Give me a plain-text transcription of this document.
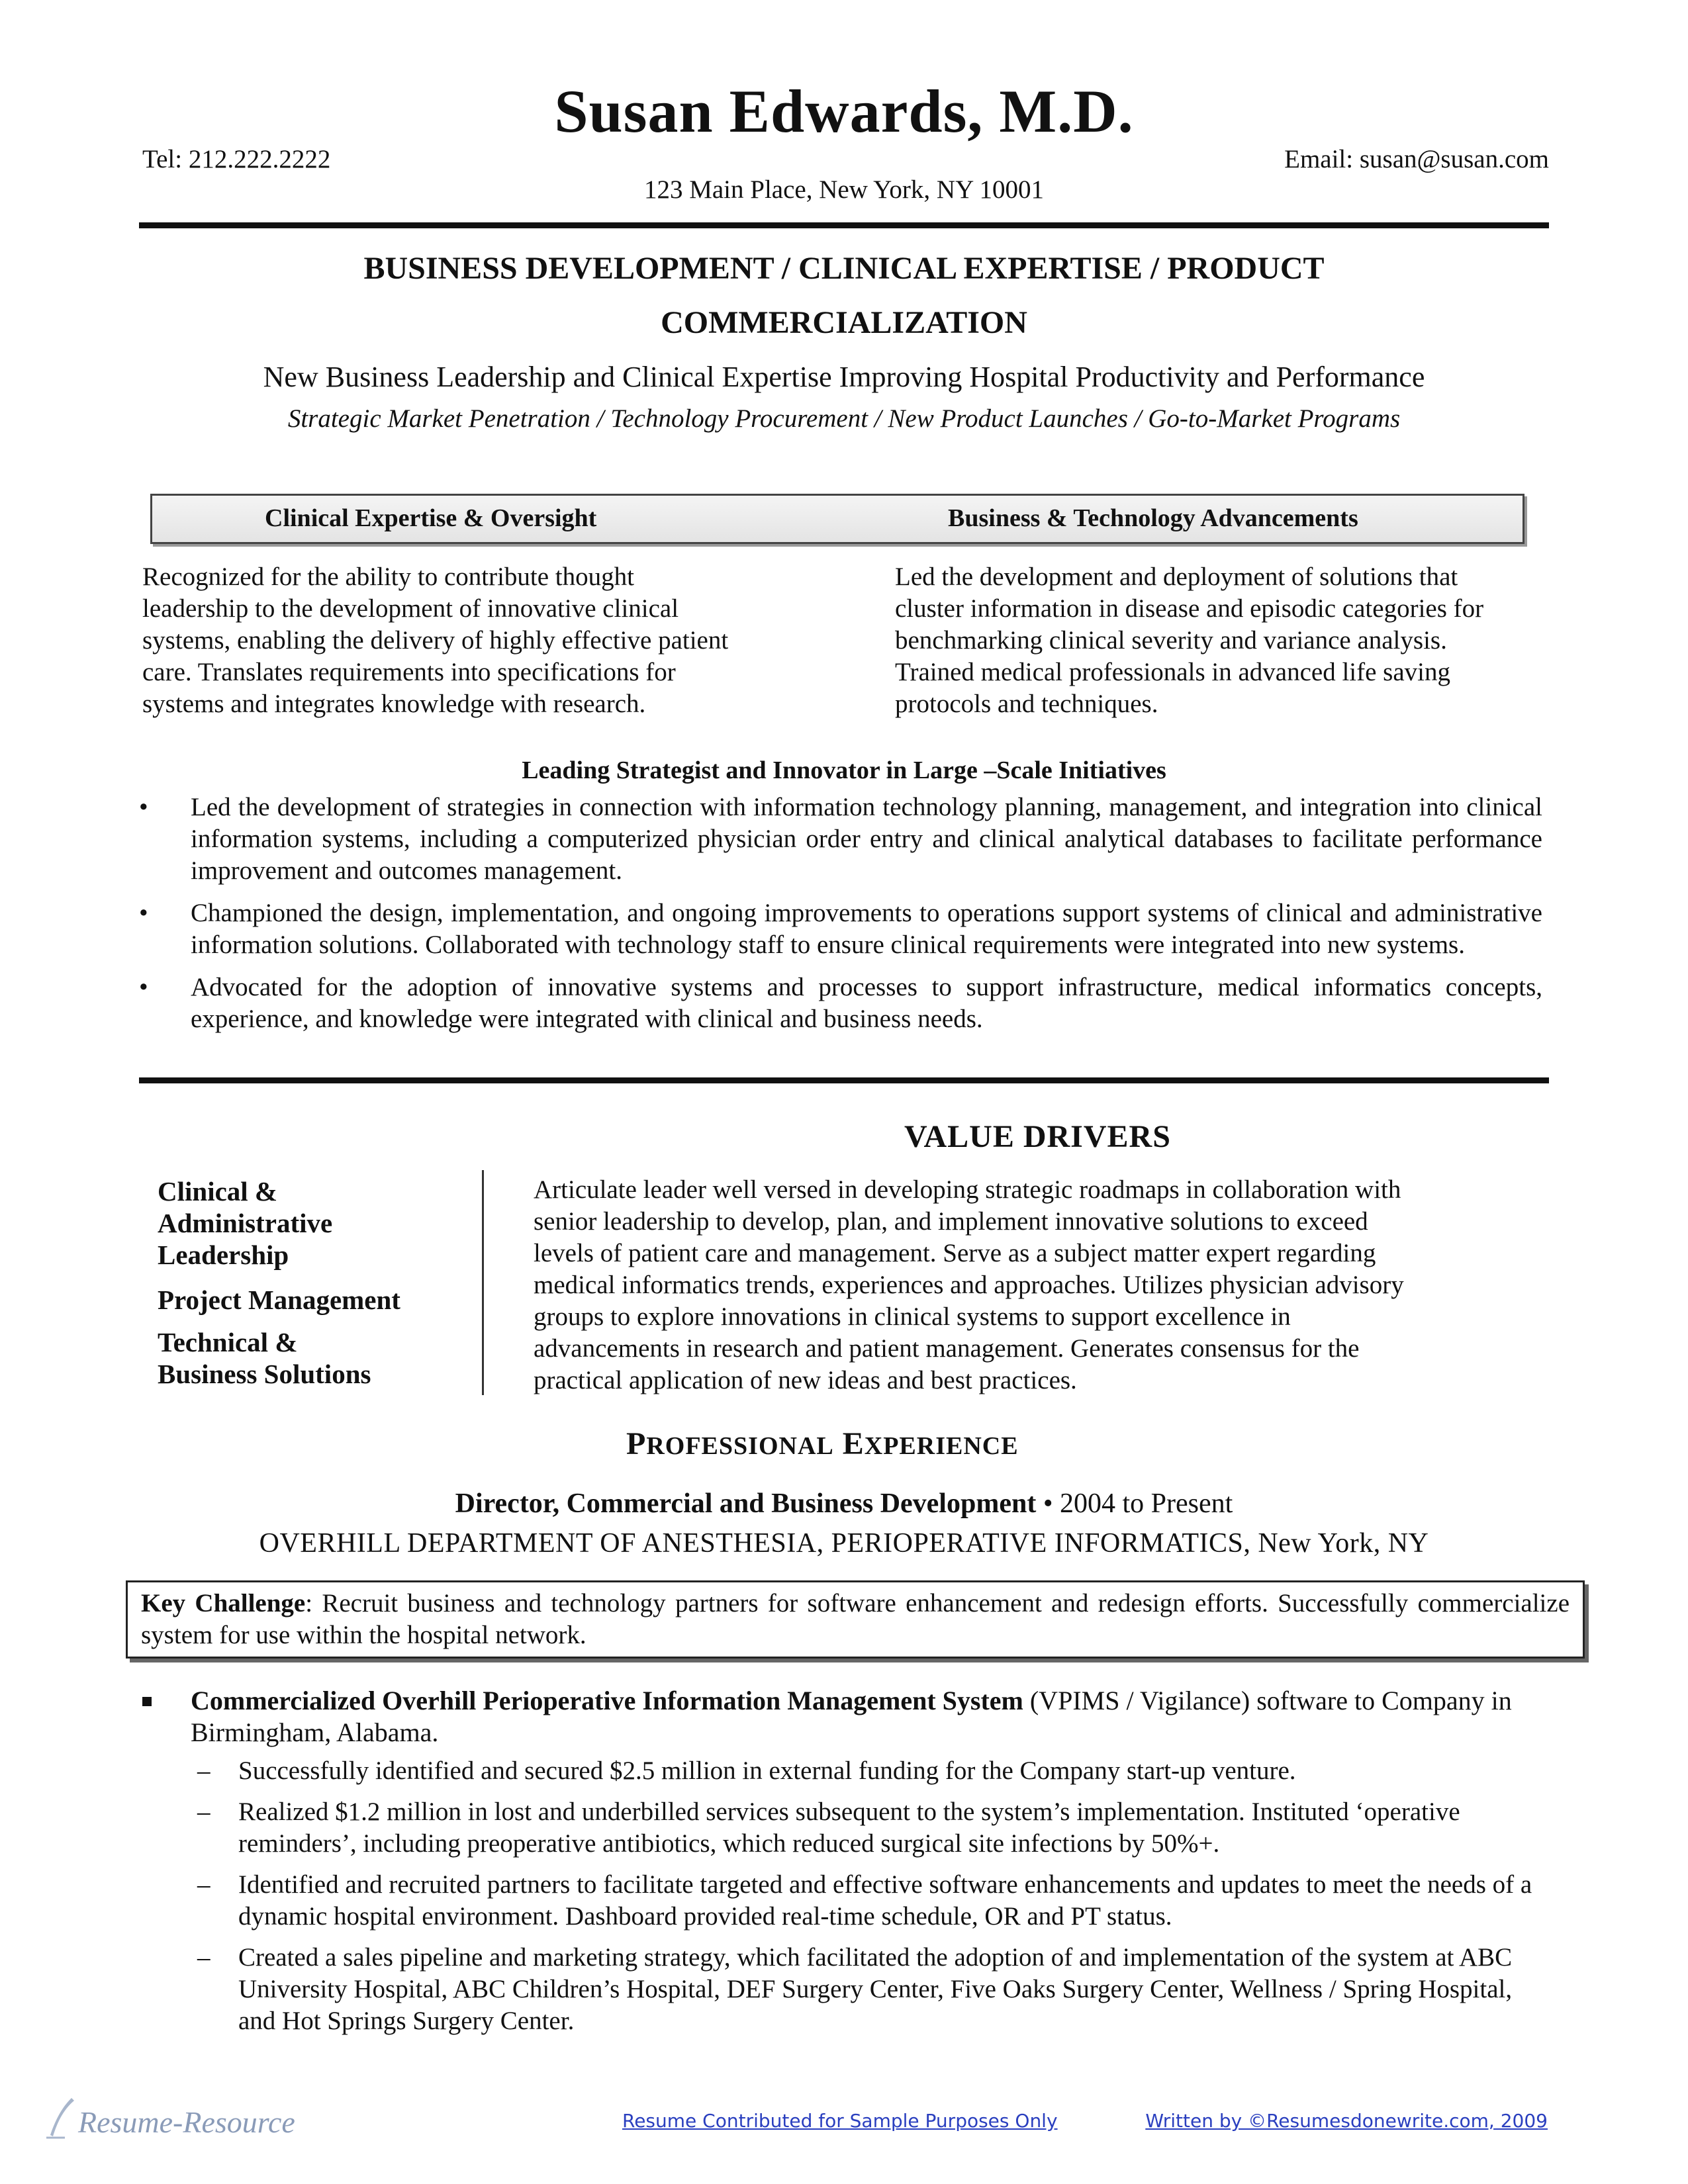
Susan Edwards, M.D.
Tel: 212.222.2222	Email: susan@susan.com
123 Main Place, New York, NY 10001
BUSINESS DEVELOPMENT / CLINICAL EXPERTISE / PRODUCT
COMMERCIALIZATION
New Business Leadership and Clinical Expertise Improving Hospital Productivity and Performance
Strategic Market Penetration / Technology Procurement / New Product Launches / Go-to-Market Programs
Clinical Expertise & Oversight	Business & Technology Advancements
Recognized for the ability to contribute thought
leadership to the development of innovative clinical
systems, enabling the delivery of highly effective patient
care. Translates requirements into specifications for
systems and integrates knowledge with research.
Led the development and deployment of solutions that
cluster information in disease and episodic categories for
benchmarking clinical severity and variance analysis.
Trained medical professionals in advanced life saving
protocols and techniques.
Leading Strategist and Innovator in Large –Scale Initiatives
• Led the development of strategies in connection with information technology planning, management, and integration into clinical information systems, including a computerized physician order entry and clinical analytical databases to facilitate performance improvement and outcomes management.
• Championed the design, implementation, and ongoing improvements to operations support systems of clinical and administrative information solutions. Collaborated with technology staff to ensure clinical requirements were integrated into new systems.
• Advocated for the adoption of innovative systems and processes to support infrastructure, medical informatics concepts, experience, and knowledge were integrated with clinical and business needs.
VALUE DRIVERS
Clinical &
Administrative
Leadership
Project Management
Technical &
Business Solutions
Articulate leader well versed in developing strategic roadmaps in collaboration with
senior leadership to develop, plan, and implement innovative solutions to exceed
levels of patient care and management. Serve as a subject matter expert regarding
medical informatics trends, experiences and approaches. Utilizes physician advisory
groups to explore innovations in clinical systems to support excellence in
advancements in research and patient management. Generates consensus for the
practical application of new ideas and best practices.
PROFESSIONAL EXPERIENCE
Director, Commercial and Business Development • 2004 to Present
OVERHILL DEPARTMENT OF ANESTHESIA, PERIOPERATIVE INFORMATICS, New York, NY
Key Challenge: Recruit business and technology partners for software enhancement and redesign efforts. Successfully commercialize system for use within the hospital network.
Commercialized Overhill Perioperative Information Management System (VPIMS / Vigilance) software to Company in Birmingham, Alabama.
– Successfully identified and secured $2.5 million in external funding for the Company start-up venture.
– Realized $1.2 million in lost and underbilled services subsequent to the system’s implementation. Instituted ‘operative reminders’, including preoperative antibiotics, which reduced surgical site infections by 50%+.
– Identified and recruited partners to facilitate targeted and effective software enhancements and updates to meet the needs of a dynamic hospital environment. Dashboard provided real-time schedule, OR and PT status.
– Created a sales pipeline and marketing strategy, which facilitated the adoption of and implementation of the system at ABC University Hospital, ABC Children’s Hospital, DEF Surgery Center, Five Oaks Surgery Center, Wellness / Spring Hospital, and Hot Springs Surgery Center.
Resume-Resource	Resume Contributed for Sample Purposes Only	Written by ©Resumesdonewrite.com, 2009
